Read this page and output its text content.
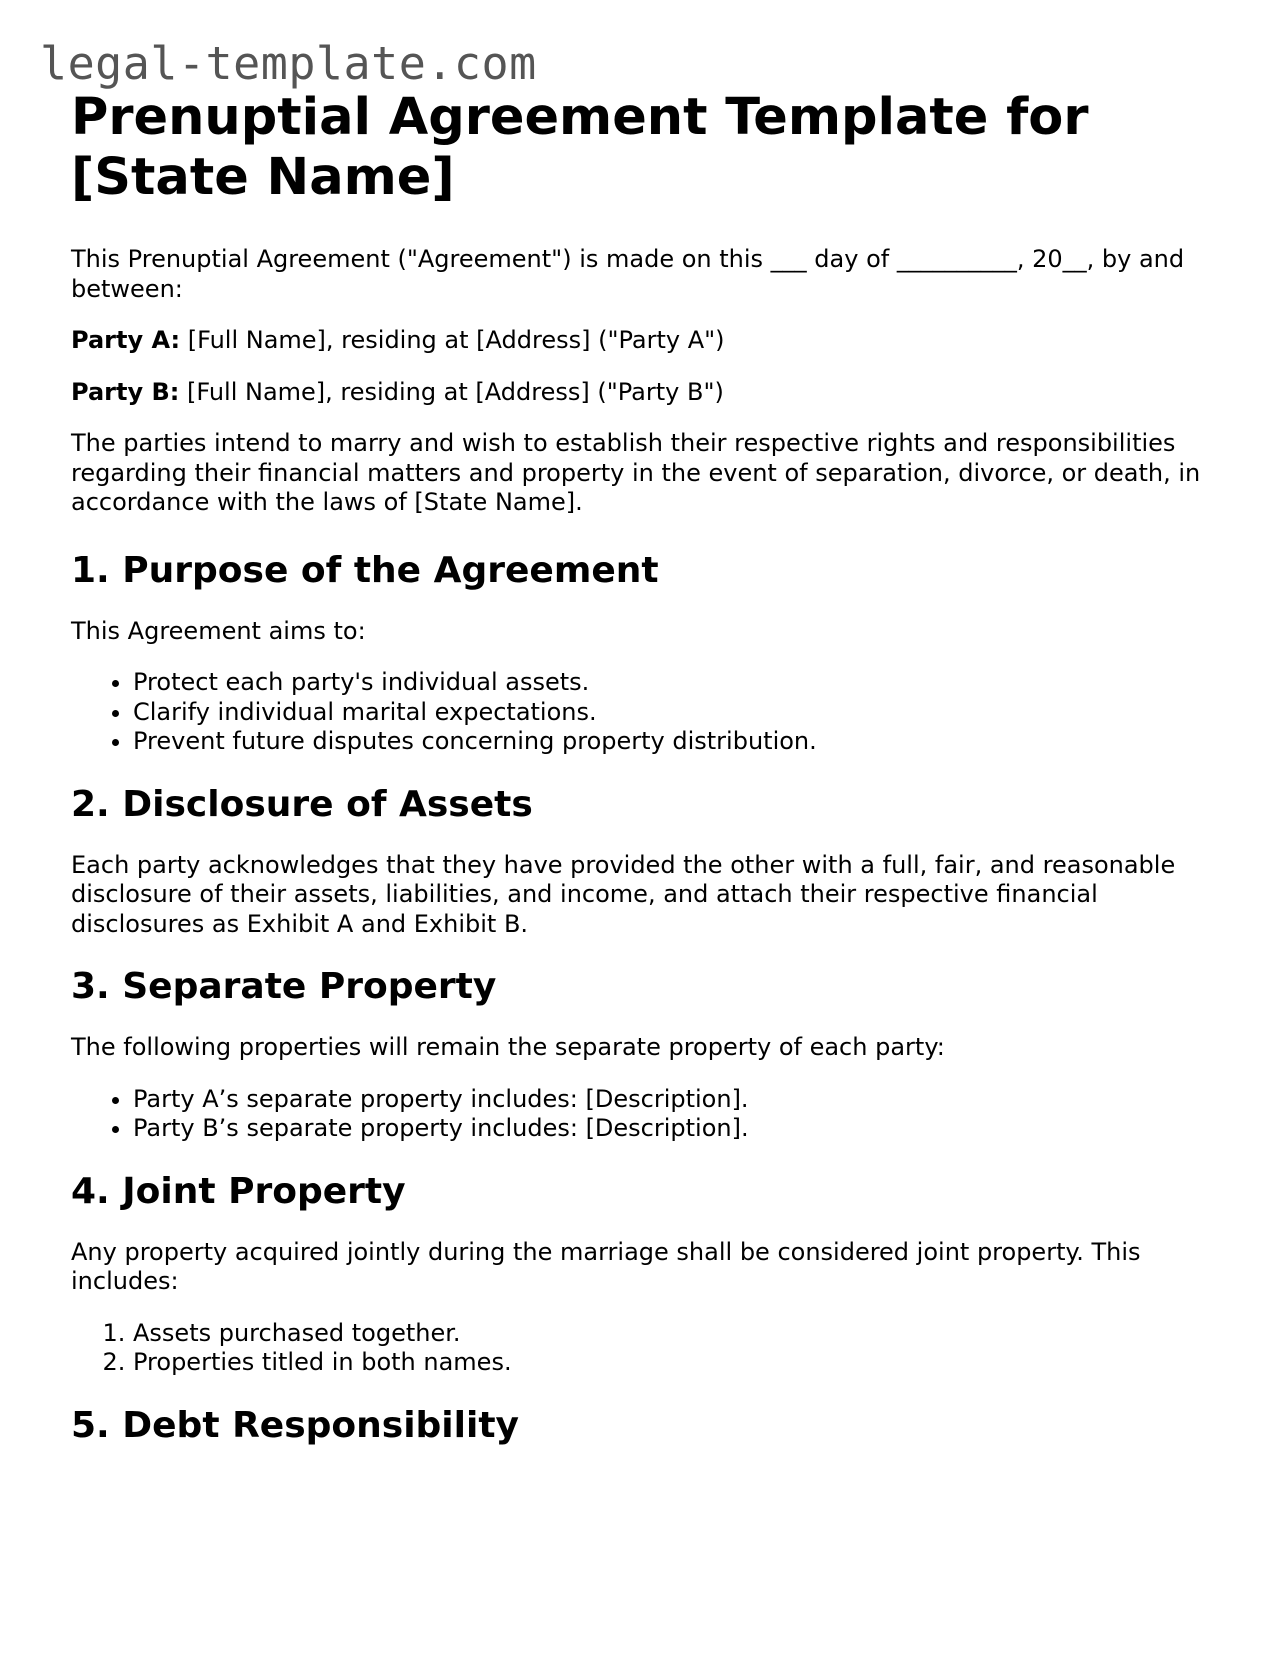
legal-template.com
Prenuptial Agreement Template for [State Name]

This Prenuptial Agreement ("Agreement") is made on this ___ day of __________, 20__, by and between:

Party A: [Full Name], residing at [Address] ("Party A")

Party B: [Full Name], residing at [Address] ("Party B")

The parties intend to marry and wish to establish their respective rights and responsibilities regarding their financial matters and property in the event of separation, divorce, or death, in accordance with the laws of [State Name].

1. Purpose of the Agreement

This Agreement aims to:

• Protect each party's individual assets.
• Clarify individual marital expectations.
• Prevent future disputes concerning property distribution.
2. Disclosure of Assets

Each party acknowledges that they have provided the other with a full, fair, and reasonable disclosure of their assets, liabilities, and income, and attach their respective financial disclosures as Exhibit A and Exhibit B.

3. Separate Property

The following properties will remain the separate property of each party:

• Party A’s separate property includes: [Description].
• Party B’s separate property includes: [Description].
4. Joint Property

Any property acquired jointly during the marriage shall be considered joint property. This includes:

1. Assets purchased together.
2. Properties titled in both names.
5. Debt Responsibility
